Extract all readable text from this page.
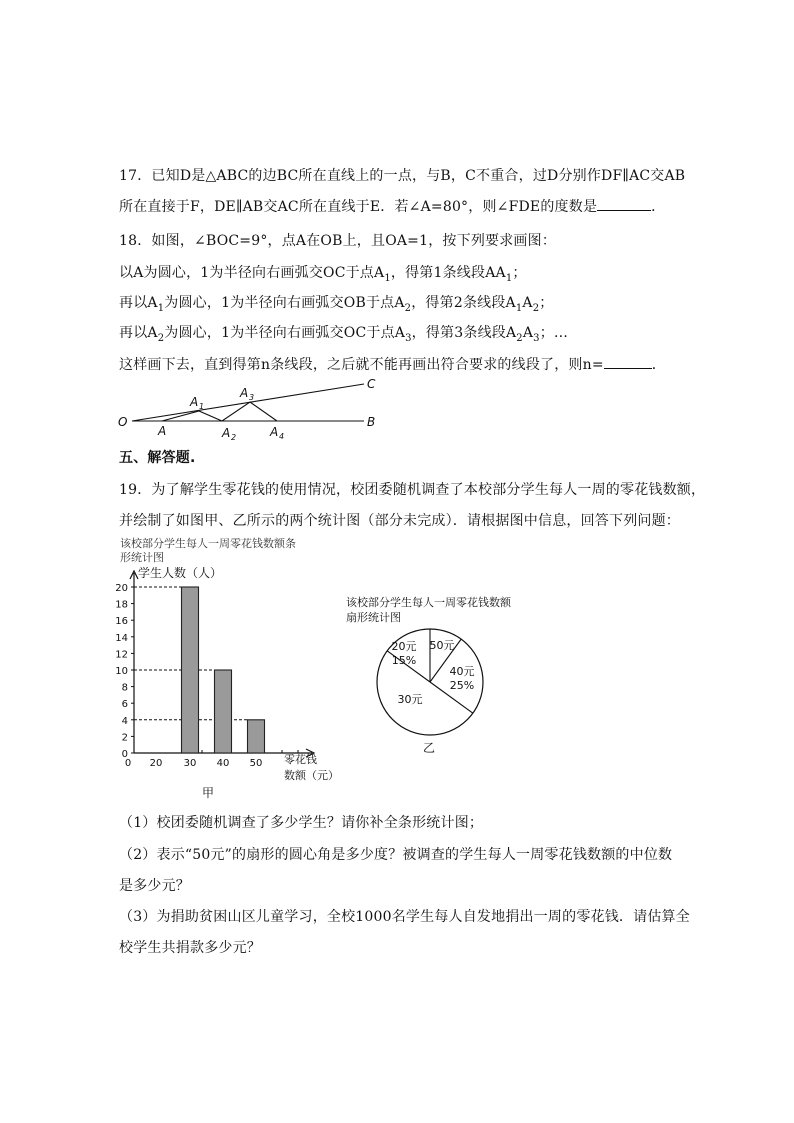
17．已知D是△ABC的边BC所在直线上的一点，与B，C不重合，过D分别作DF∥AC交AB
所在直接于F，DE∥AB交AC所在直线于E．若∠A=80°，则∠FDE的度数是	．
18．如图，∠BOC=9°，点A在OB上，且OA=1，按下列要求画图：
以A为圆心，1为半径向右画弧交OC于点$A_1$，得第1条线段$AA_1$；
再以$A_1$为圆心，1为半径向右画弧交OB于点$A_2$，得第2条线段$A_1A_2$；
再以$A_2$为圆心，1为半径向右画弧交OC于点$A_3$，得第3条线段$A_2A_3$；…
这样画下去，直到得第n条线段，之后就不能再画出符合要求的线段了，则n=	．
O
A
A 1
A 2
A 3
A 4
B
C
五、解答题.
19．为了解学生零花钱的使用情况，校团委随机调查了本校部分学生每人一周的零花钱数额，
并绘制了如图甲、乙所示的两个统计图（部分未完成）．请根据图中信息，回答下列问题：
该校部分学生每人一周零花钱数额条
形统计图
学生人数（人）
0
2
4
6
8
10
12
14
16
18
20
0 20 30 40 50 零花钱
数额（元）
甲
该校部分学生每人一周零花钱数额
扇形统计图
20元
15%
50元
40元
25%
30元
乙
（1）校团委随机调查了多少学生？请你补全条形统计图；
（2）表示“50元”的扇形的圆心角是多少度？被调查的学生每人一周零花钱数额的中位数
是多少元？
（3）为捐助贫困山区儿童学习，全校1000名学生每人自发地捐出一周的零花钱．请估算全
校学生共捐款多少元？
